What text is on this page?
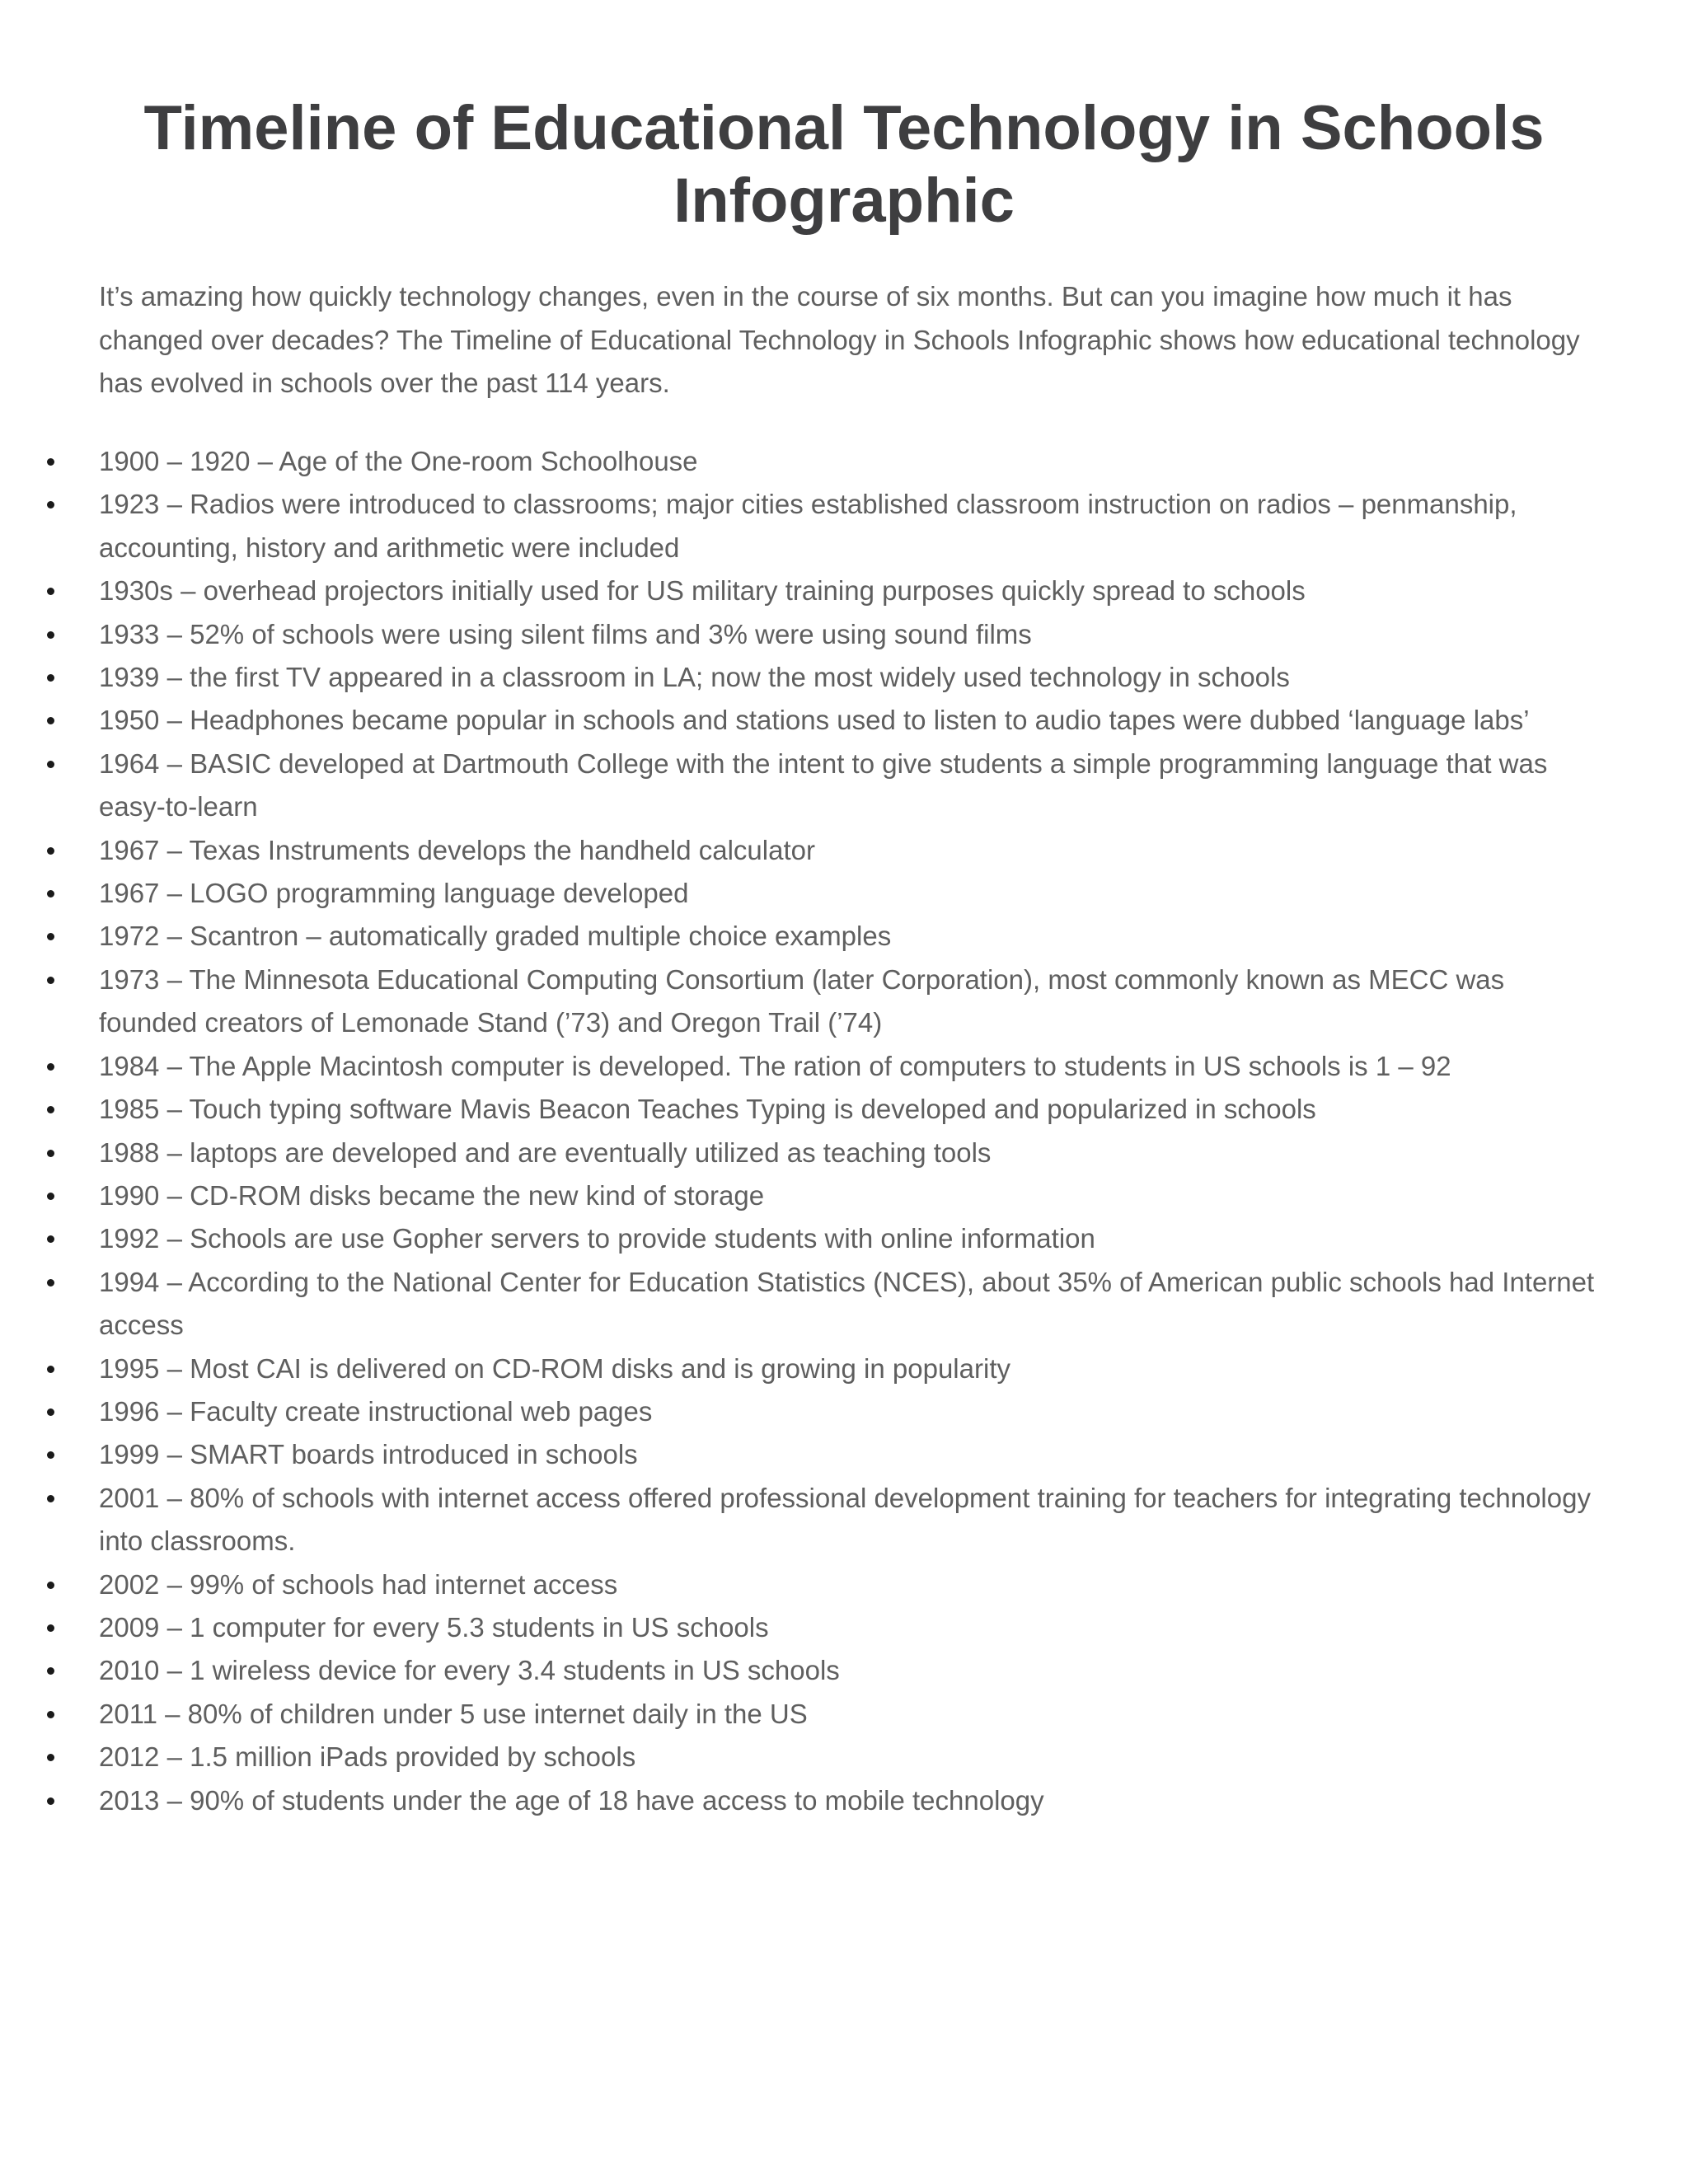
Timeline of Educational Technology in Schools Infographic

It’s amazing how quickly technology changes, even in the course of six months. But can you imagine how much it has changed over decades? The Timeline of Educational Technology in Schools Infographic shows how educational technology has evolved in schools over the past 114 years.

1900 – 1920 – Age of the One-room Schoolhouse
1923 – Radios were introduced to classrooms; major cities established classroom instruction on radios – penmanship, accounting, history and arithmetic were included
1930s – overhead projectors initially used for US military training purposes quickly spread to schools
1933 – 52% of schools were using silent films and 3% were using sound films
1939 – the first TV appeared in a classroom in LA; now the most widely used technology in schools
1950 – Headphones became popular in schools and stations used to listen to audio tapes were dubbed ‘language labs’
1964 – BASIC developed at Dartmouth College with the intent to give students a simple programming language that was easy-to-learn
1967 – Texas Instruments develops the handheld calculator
1967 – LOGO programming language developed
1972 – Scantron – automatically graded multiple choice examples
1973 – The Minnesota Educational Computing Consortium (later Corporation), most commonly known as MECC was founded creators of Lemonade Stand (’73) and Oregon Trail (’74)
1984 – The Apple Macintosh computer is developed. The ration of computers to students in US schools is 1 – 92
1985 – Touch typing software Mavis Beacon Teaches Typing is developed and popularized in schools
1988 – laptops are developed and are eventually utilized as teaching tools
1990 – CD-ROM disks became the new kind of storage
1992 – Schools are use Gopher servers to provide students with online information
1994 – According to the National Center for Education Statistics (NCES), about 35% of American public schools had Internet access
1995 – Most CAI is delivered on CD-ROM disks and is growing in popularity
1996 – Faculty create instructional web pages
1999 – SMART boards introduced in schools
2001 – 80% of schools with internet access offered professional development training for teachers for integrating technology into classrooms.
2002 – 99% of schools had internet access
2009 – 1 computer for every 5.3 students in US schools
2010 – 1 wireless device for every 3.4 students in US schools
2011 – 80% of children under 5 use internet daily in the US
2012 – 1.5 million iPads provided by schools
2013 – 90% of students under the age of 18 have access to mobile technology
